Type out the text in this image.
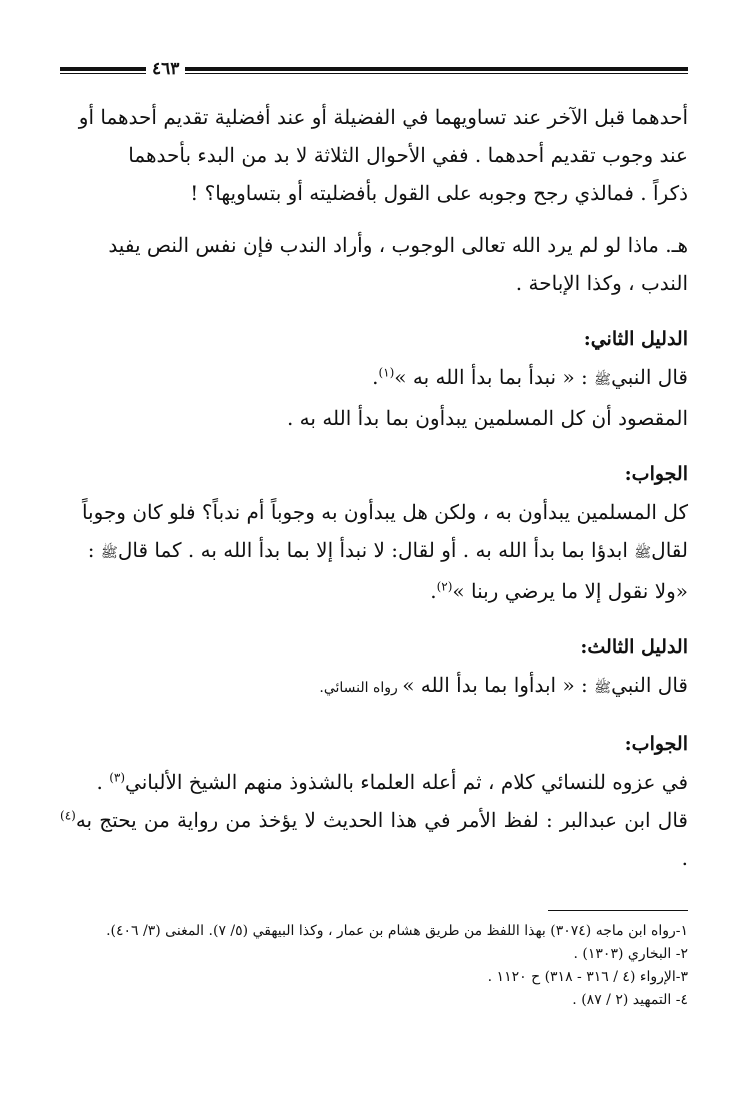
٤٦٣

أحدهما قبل الآخر عند تساويهما في الفضيلة أو عند أفضلية تقديم أحدهما أو

عند وجوب تقديم أحدهما . ففي الأحوال الثلاثة لا بد من البدء بأحدهما

ذكراً . فمالذي رجح وجوبه على القول بأفضليته أو بتساويها؟ !

هـ. ماذا لو لم يرد الله تعالى الوجوب ، وأراد الندب فإن نفس النص يفيد

الندب ، وكذا الإباحة .

الدليل الثاني:

قال النبيﷺ : « نبدأ بما بدأ الله به »$^{(١)}$.

المقصود أن كل المسلمين يبدأون بما بدأ الله به .

الجواب:

كل المسلمين يبدأون به ، ولكن هل يبدأون به وجوباً أم ندباً؟ فلو كان وجوباً

لقالﷺ ابدؤا بما بدأ الله به . أو لقال: لا نبدأ إلا بما بدأ الله به . كما قالﷺ :

«ولا نقول إلا ما يرضي ربنا »$^{(٢)}$.

الدليل الثالث:

قال النبيﷺ : « ابدأوا بما بدأ الله » رواه النسائي.

الجواب:

في عزوه للنسائي كلام ، ثم أعله العلماء بالشذوذ منهم الشيخ الألباني$^{(٣)}$ .

قال ابن عبدالبر : لفظ الأمر في هذا الحديث لا يؤخذ من رواية من يحتج به$^{(٤)}$ .

١-رواه ابن ماجه (٣٠٧٤) بهذا اللفظ من طريق هشام بن عمار ، وكذا البيهقي (٥/ ٧). المغنى (٣/ ٤٠٦).

٢- البخاري (١٣٠٣) .

٣-الإرواء (٤ / ٣١٦ - ٣١٨) ح ١١٢٠ .

٤- التمهيد (٢ / ٨٧) .
